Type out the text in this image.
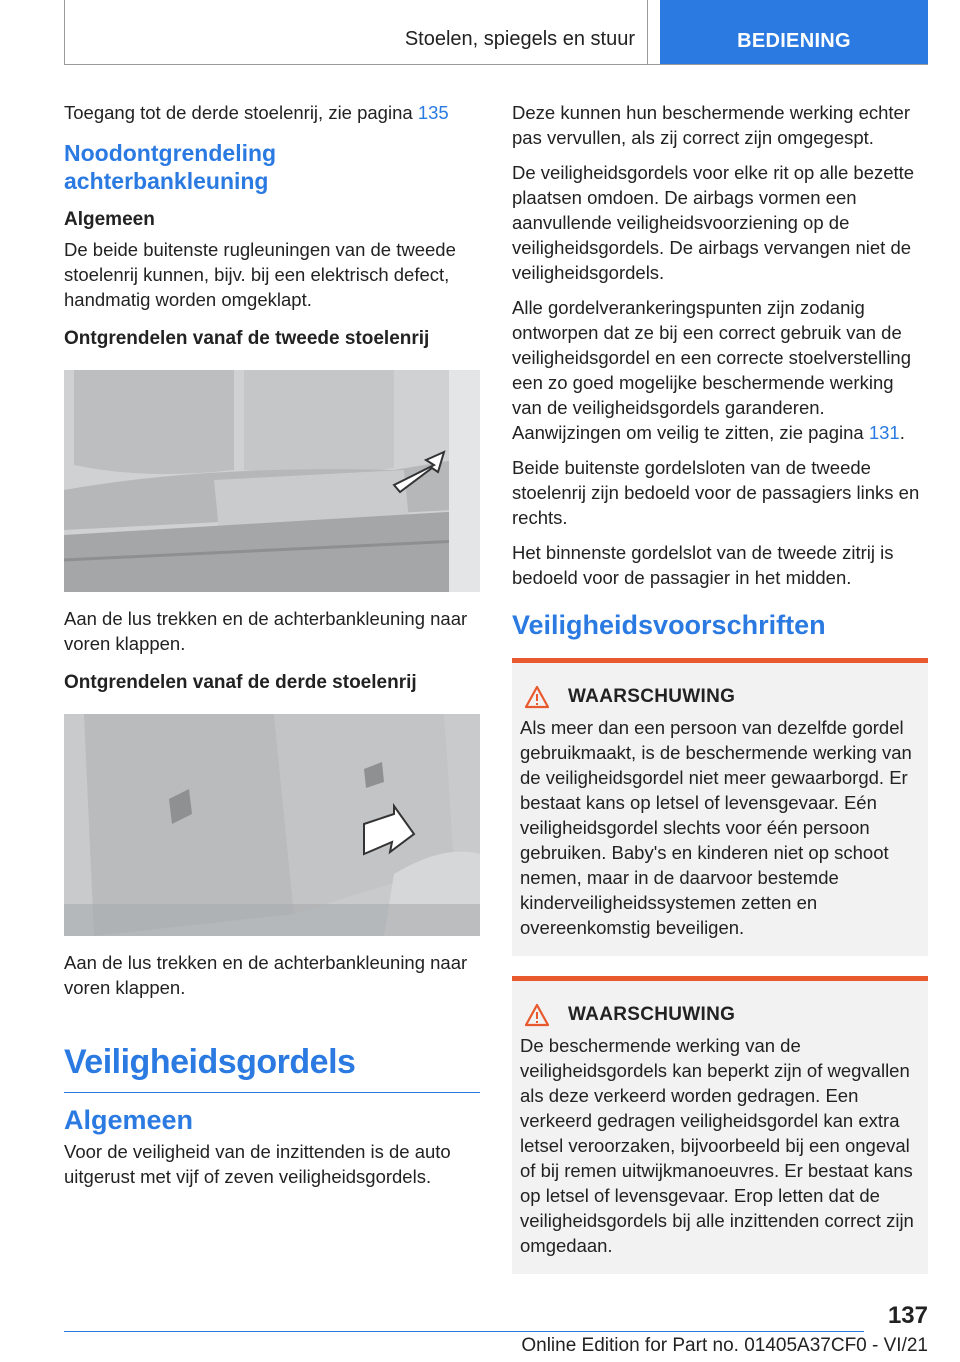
Stoelen, spiegels en stuur	BEDIENING

Toegang tot de derde stoelenrij, zie pagina 135

Noodontgrendeling achterbankleuning
Algemeen

De beide buitenste rugleuningen van de tweede stoelenrij kunnen, bijv. bij een elektrisch defect, handmatig worden omgeklapt.

Ontgrendelen vanaf de tweede stoelenrij

Aan de lus trekken en de achterbankleuning naar voren klappen.

Ontgrendelen vanaf de derde stoelenrij

Aan de lus trekken en de achterbankleuning naar voren klappen.

Veiligheidsgordels
Algemeen

Voor de veiligheid van de inzittenden is de auto uitgerust met vijf of zeven veiligheidsgordels.

Deze kunnen hun beschermende werking echter pas vervullen, als zij correct zijn omgegespt.

De veiligheidsgordels voor elke rit op alle bezette plaatsen omdoen. De airbags vormen een aanvullende veiligheidsvoorziening op de veiligheidsgordels. De airbags vervangen niet de veiligheidsgordels.

Alle gordelverankeringspunten zijn zodanig ontworpen dat ze bij een correct gebruik van de veiligheidsgordel en een correcte stoelverstelling een zo goed mogelijke beschermende werking van de veiligheidsgordels garanderen. Aanwijzingen om veilig te zitten, zie pagina 131.

Beide buitenste gordelsloten van de tweede stoelenrij zijn bedoeld voor de passagiers links en rechts.

Het binnenste gordelslot van de tweede zitrij is bedoeld voor de passagier in het midden.

Veiligheidsvoorschriften
WAARSCHUWING

Als meer dan een persoon van dezelfde gordel gebruikmaakt, is de beschermende werking van de veiligheidsgordel niet meer gewaarborgd. Er bestaat kans op letsel of levensgevaar. Eén veiligheidsgordel slechts voor één persoon gebruiken. Baby's en kinderen niet op schoot nemen, maar in de daarvoor bestemde kinderveiligheidssystemen zetten en overeenkomstig beveiligen.

WAARSCHUWING

De beschermende werking van de veiligheidsgordels kan beperkt zijn of wegvallen als deze verkeerd worden gedragen. Een verkeerd gedragen veiligheidsgordel kan extra letsel veroorzaken, bijvoorbeeld bij een ongeval of bij remen uitwijkmanoeuvres. Er bestaat kans op letsel of levensgevaar. Erop letten dat de veiligheidsgordels bij alle inzittenden correct zijn omgedaan.

137
Online Edition for Part no. 01405A37CF0 - VI/21
